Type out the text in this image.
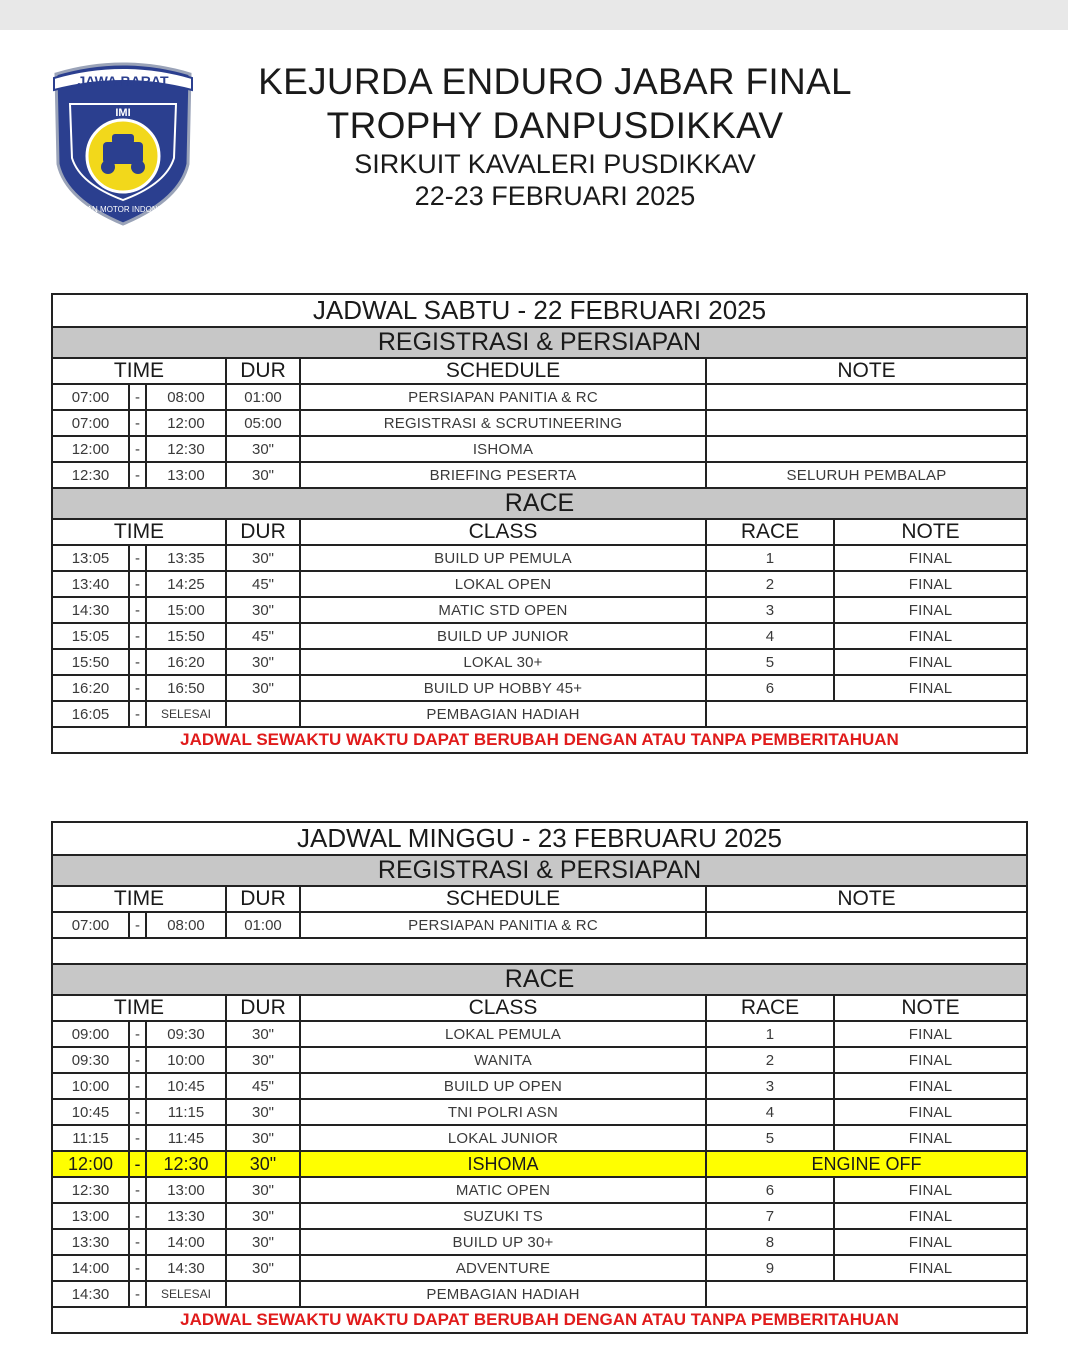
JAWA BARAT
IMI
IKATAN MOTOR INDONESIA
KEJURDA ENDURO JABAR FINAL
TROPHY DANPUSDIKKAV
SIRKUIT KAVALERI PUSDIKKAV
22-23 FEBRUARI 2025
JADWAL SABTU - 22 FEBRUARI 2025						
REGISTRASI & PERSIAPAN						
TIME			DUR	SCHEDULE	NOTE	
07:00	-	08:00	01:00	PERSIAPAN PANITIA & RC		
07:00	-	12:00	05:00	REGISTRASI & SCRUTINEERING		
12:00	-	12:30	30"	ISHOMA		
12:30	-	13:00	30"	BRIEFING PESERTA	SELURUH PEMBALAP	
RACE						
TIME			DUR	CLASS	RACE	NOTE
13:05	-	13:35	30"	BUILD UP PEMULA	1	FINAL
13:40	-	14:25	45"	LOKAL OPEN	2	FINAL
14:30	-	15:00	30"	MATIC STD OPEN	3	FINAL
15:05	-	15:50	45"	BUILD UP JUNIOR	4	FINAL
15:50	-	16:20	30"	LOKAL 30+	5	FINAL
16:20	-	16:50	30"	BUILD UP HOBBY 45+	6	FINAL
16:05	-	SELESAI		PEMBAGIAN HADIAH		
JADWAL SEWAKTU WAKTU DAPAT BERUBAH DENGAN ATAU TANPA PEMBERITAHUAN						
JADWAL MINGGU - 23 FEBRUARU 2025						
REGISTRASI & PERSIAPAN						
TIME			DUR	SCHEDULE	NOTE	
07:00	-	08:00	01:00	PERSIAPAN PANITIA & RC		

RACE						
TIME			DUR	CLASS	RACE	NOTE
09:00	-	09:30	30"	LOKAL PEMULA	1	FINAL
09:30	-	10:00	30"	WANITA	2	FINAL
10:00	-	10:45	45"	BUILD UP OPEN	3	FINAL
10:45	-	11:15	30"	TNI POLRI ASN	4	FINAL
11:15	-	11:45	30"	LOKAL JUNIOR	5	FINAL
12:00	-	12:30	30"	ISHOMA	ENGINE OFF	
12:30	-	13:00	30"	MATIC OPEN	6	FINAL
13:00	-	13:30	30"	SUZUKI TS	7	FINAL
13:30	-	14:00	30"	BUILD UP 30+	8	FINAL
14:00	-	14:30	30"	ADVENTURE	9	FINAL
14:30	-	SELESAI		PEMBAGIAN HADIAH		
JADWAL SEWAKTU WAKTU DAPAT BERUBAH DENGAN ATAU TANPA PEMBERITAHUAN						
